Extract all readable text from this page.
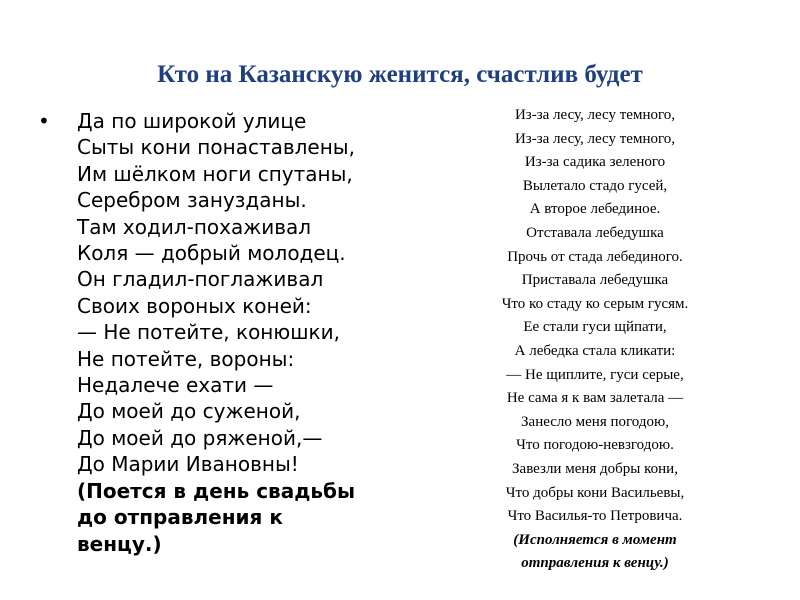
Кто на Казанскую женится, счастлив будет
• Да по широкой улице
Сыты кони понаставлены,
Им шёлком ноги спутаны,
Серебром занузданы.
Там ходил-похаживал
Коля — добрый молодец.
Он гладил-поглаживал
Своих вороных коней:
— Не потейте, конюшки,
Не потейте, вороны:
Недалече ехати —
До моей до суженой,
До моей до ряженой,—
До Марии Ивановны!
(Поется в день свадьбы
до отправления к
венцу.)
Из-за лесу, лесу темного,
Из-за лесу, лесу темного,
Из-за садика зеленого
Вылетало стадо гусей,
А второе лебединое.
Отставала лебедушка
Прочь от стада лебединого.
Приставала лебедушка
Что ко стаду ко серым гусям.
Ее стали гуси щйпати,
А лебедка стала кликати:
— Не щиплите, гуси серые,
Не сама я к вам залетала —
Занесло меня погодою,
Что погодою-невзгодою.
Завезли меня добры кони,
Что добры кони Васильевы,
Что Василья-то Петровича.
(Исполняется в момент
отправления к венцу.)
